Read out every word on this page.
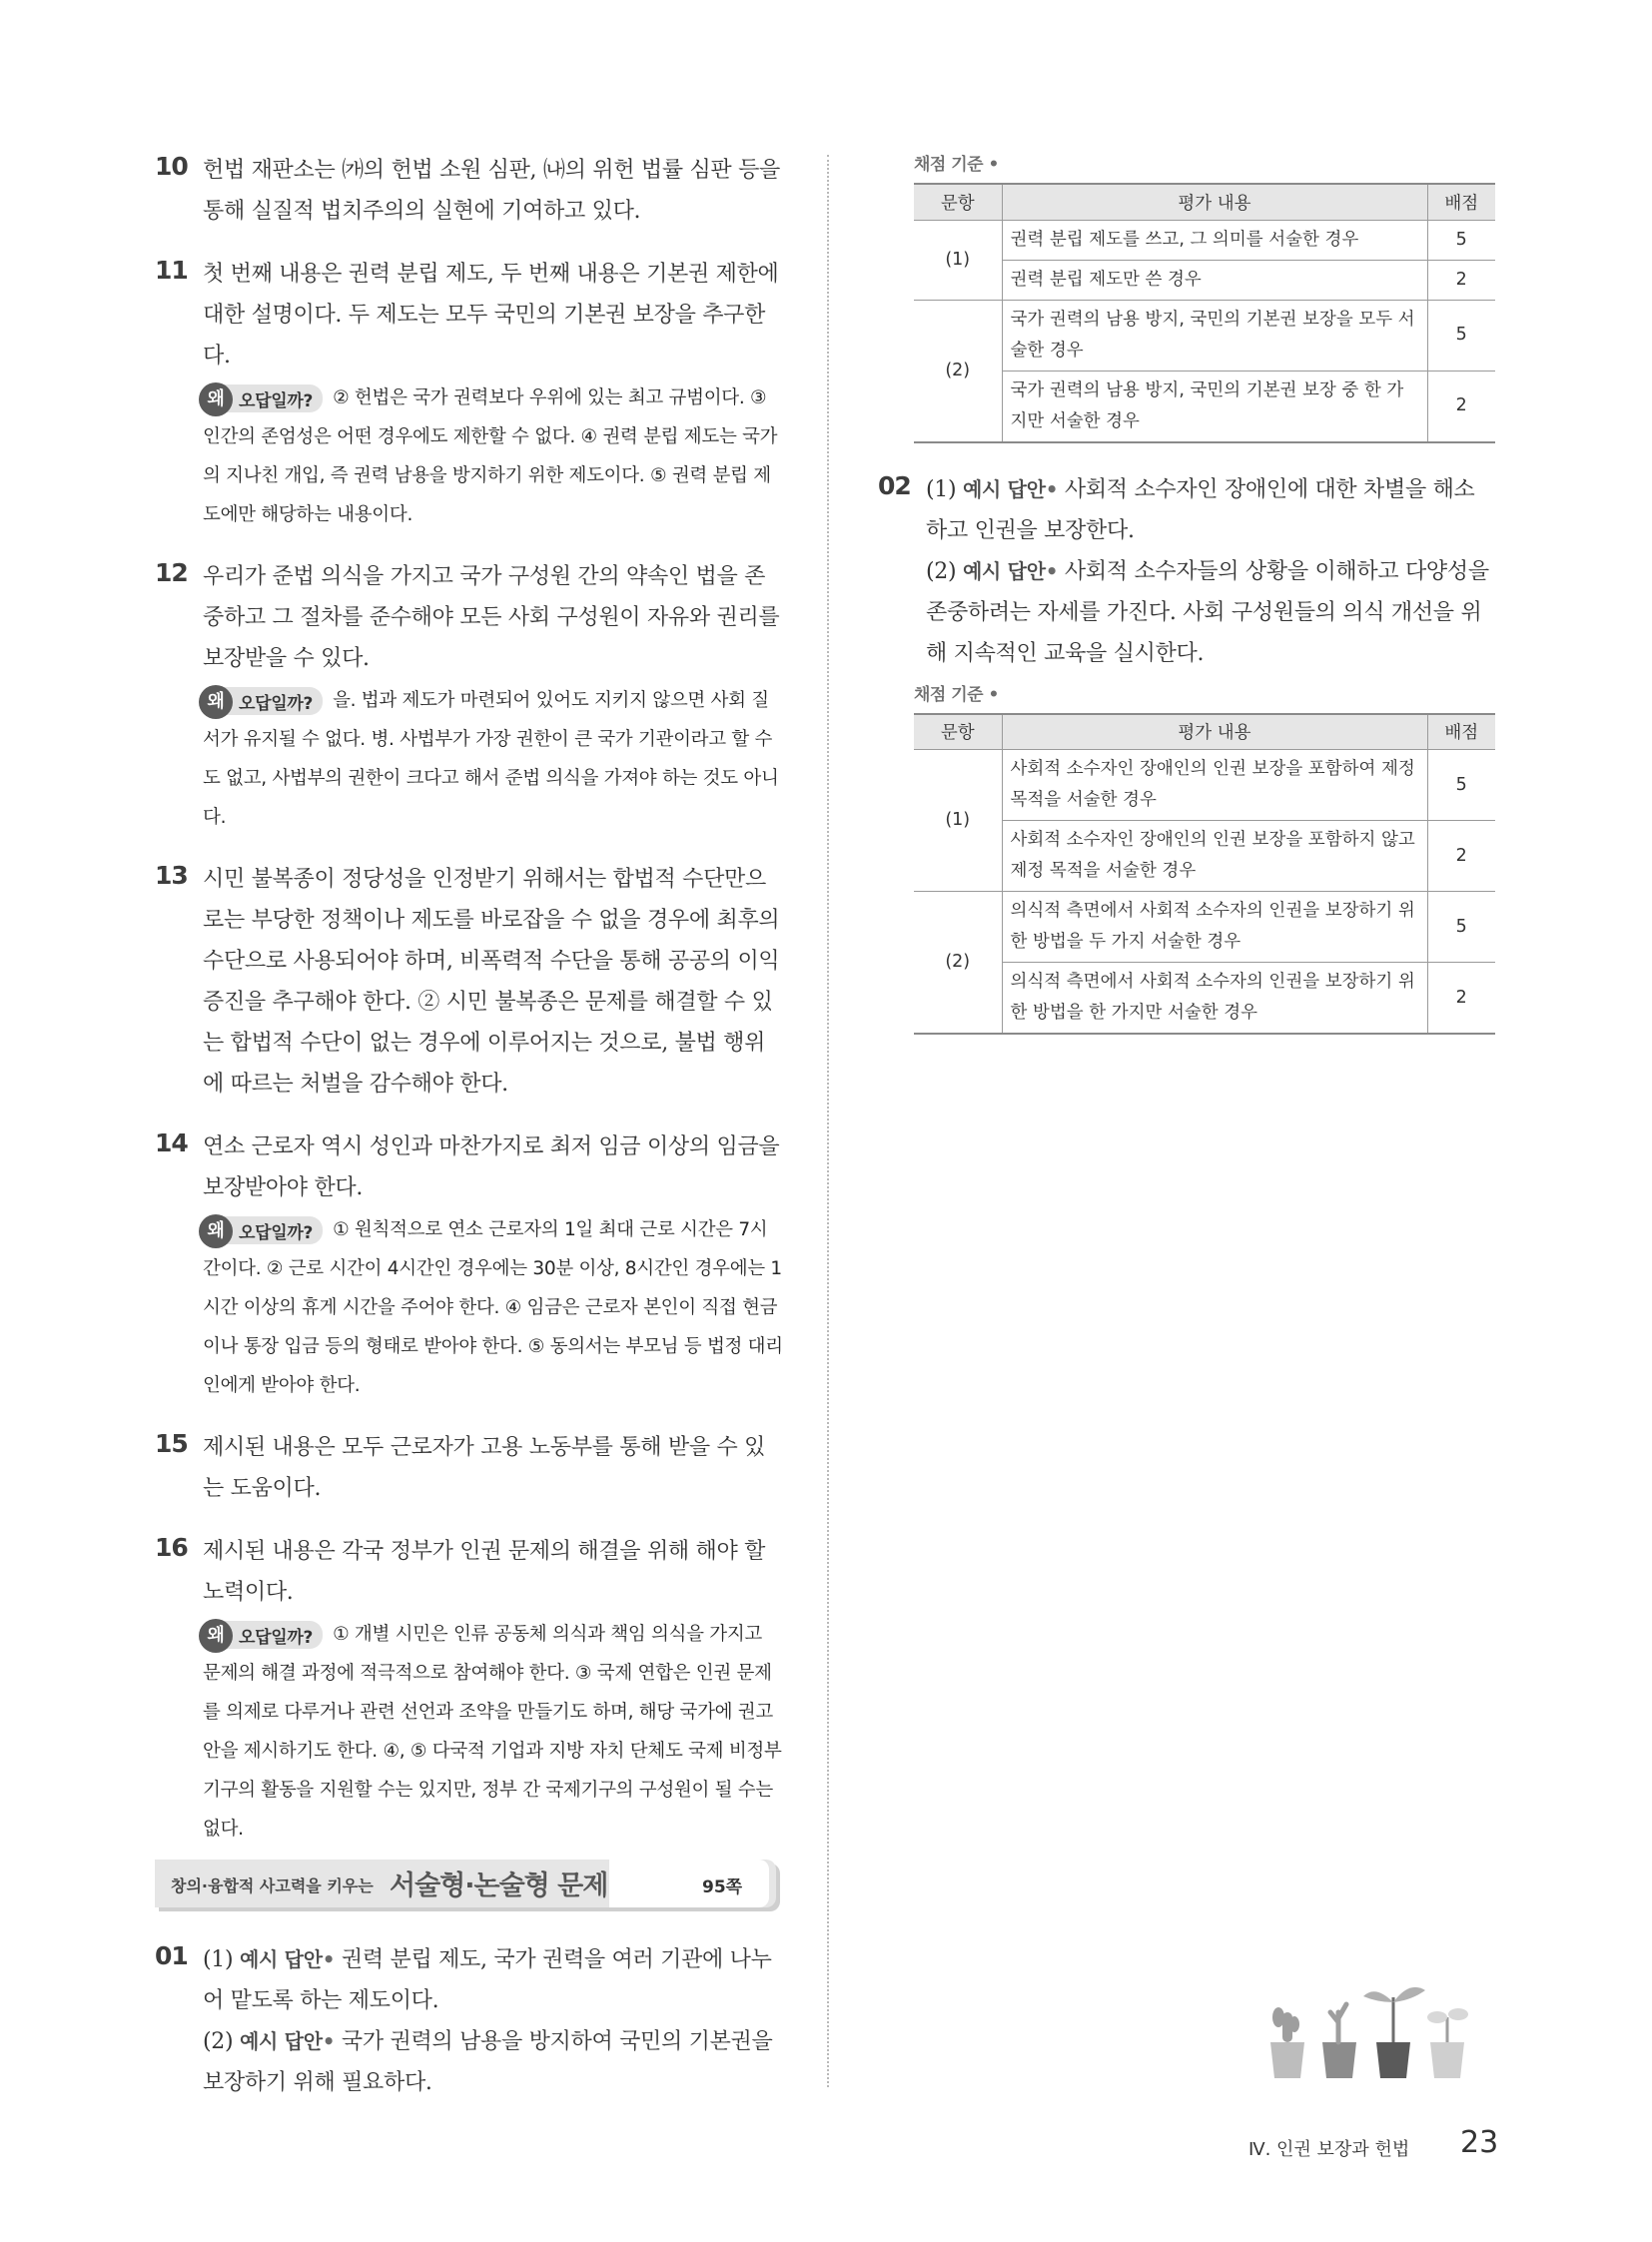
10 헌법 재판소는 ㈎의 헌법 소원 심판, ㈏의 위헌 법률 심판 등을 통해 실질적 법치주의의 실현에 기여하고 있다.

11 첫 번째 내용은 권력 분립 제도, 두 번째 내용은 기본권 제한에 대한 설명이다. 두 제도는 모두 국민의 기본권 보장을 추구한다.

왜 오답일까? ② 헌법은 국가 권력보다 우위에 있는 최고 규범이다. ③ 인간의 존엄성은 어떤 경우에도 제한할 수 없다. ④ 권력 분립 제도는 국가의 지나친 개입, 즉 권력 남용을 방지하기 위한 제도이다. ⑤ 권력 분립 제도에만 해당하는 내용이다.

12 우리가 준법 의식을 가지고 국가 구성원 간의 약속인 법을 존중하고 그 절차를 준수해야 모든 사회 구성원이 자유와 권리를 보장받을 수 있다.

왜 오답일까? 을. 법과 제도가 마련되어 있어도 지키지 않으면 사회 질서가 유지될 수 없다. 병. 사법부가 가장 권한이 큰 국가 기관이라고 할 수도 없고, 사법부의 권한이 크다고 해서 준법 의식을 가져야 하는 것도 아니다.

13 시민 불복종이 정당성을 인정받기 위해서는 합법적 수단만으로는 부당한 정책이나 제도를 바로잡을 수 없을 경우에 최후의 수단으로 사용되어야 하며, 비폭력적 수단을 통해 공공의 이익 증진을 추구해야 한다. ② 시민 불복종은 문제를 해결할 수 있는 합법적 수단이 없는 경우에 이루어지는 것으로, 불법 행위에 따르는 처벌을 감수해야 한다.

14 연소 근로자 역시 성인과 마찬가지로 최저 임금 이상의 임금을 보장받아야 한다.

왜 오답일까? ① 원칙적으로 연소 근로자의 1일 최대 근로 시간은 7시간이다. ② 근로 시간이 4시간인 경우에는 30분 이상, 8시간인 경우에는 1시간 이상의 휴게 시간을 주어야 한다. ④ 임금은 근로자 본인이 직접 현금이나 통장 입금 등의 형태로 받아야 한다. ⑤ 동의서는 부모님 등 법정 대리인에게 받아야 한다.

15 제시된 내용은 모두 근로자가 고용 노동부를 통해 받을 수 있는 도움이다.

16 제시된 내용은 각국 정부가 인권 문제의 해결을 위해 해야 할 노력이다.

왜 오답일까? ① 개별 시민은 인류 공동체 의식과 책임 의식을 가지고 문제의 해결 과정에 적극적으로 참여해야 한다. ③ 국제 연합은 인권 문제를 의제로 다루거나 관련 선언과 조약을 만들기도 하며, 해당 국가에 권고안을 제시하기도 한다. ④, ⑤ 다국적 기업과 지방 자치 단체도 국제 비정부 기구의 활동을 지원할 수는 있지만, 정부 간 국제기구의 구성원이 될 수는 없다.

창의·융합적 사고력을 키우는 서술형·논술형 문제	95쪽
01 (1) 예시 답안• 권력 분립 제도, 국가 권력을 여러 기관에 나누어 맡도록 하는 제도이다.

(2) 예시 답안• 국가 권력의 남용을 방지하여 국민의 기본권을 보장하기 위해 필요하다.

채점 기준 •
문항	평가 내용	배점
(1)	권력 분립 제도를 쓰고, 그 의미를 서술한 경우	5
	권력 분립 제도만 쓴 경우	2
(2)	국가 권력의 남용 방지, 국민의 기본권 보장을 모두 서술한 경우	5
	국가 권력의 남용 방지, 국민의 기본권 보장 중 한 가지만 서술한 경우	2
02 (1) 예시 답안• 사회적 소수자인 장애인에 대한 차별을 해소하고 인권을 보장한다.

(2) 예시 답안• 사회적 소수자들의 상황을 이해하고 다양성을 존중하려는 자세를 가진다. 사회 구성원들의 의식 개선을 위해 지속적인 교육을 실시한다.

채점 기준 •
문항	평가 내용	배점
(1)	사회적 소수자인 장애인의 인권 보장을 포함하여 제정 목적을 서술한 경우	5
	사회적 소수자인 장애인의 인권 보장을 포함하지 않고 제정 목적을 서술한 경우	2
(2)	의식적 측면에서 사회적 소수자의 인권을 보장하기 위한 방법을 두 가지 서술한 경우	5
	의식적 측면에서 사회적 소수자의 인권을 보장하기 위한 방법을 한 가지만 서술한 경우	2
Ⅳ. 인권 보장과 헌법 23
